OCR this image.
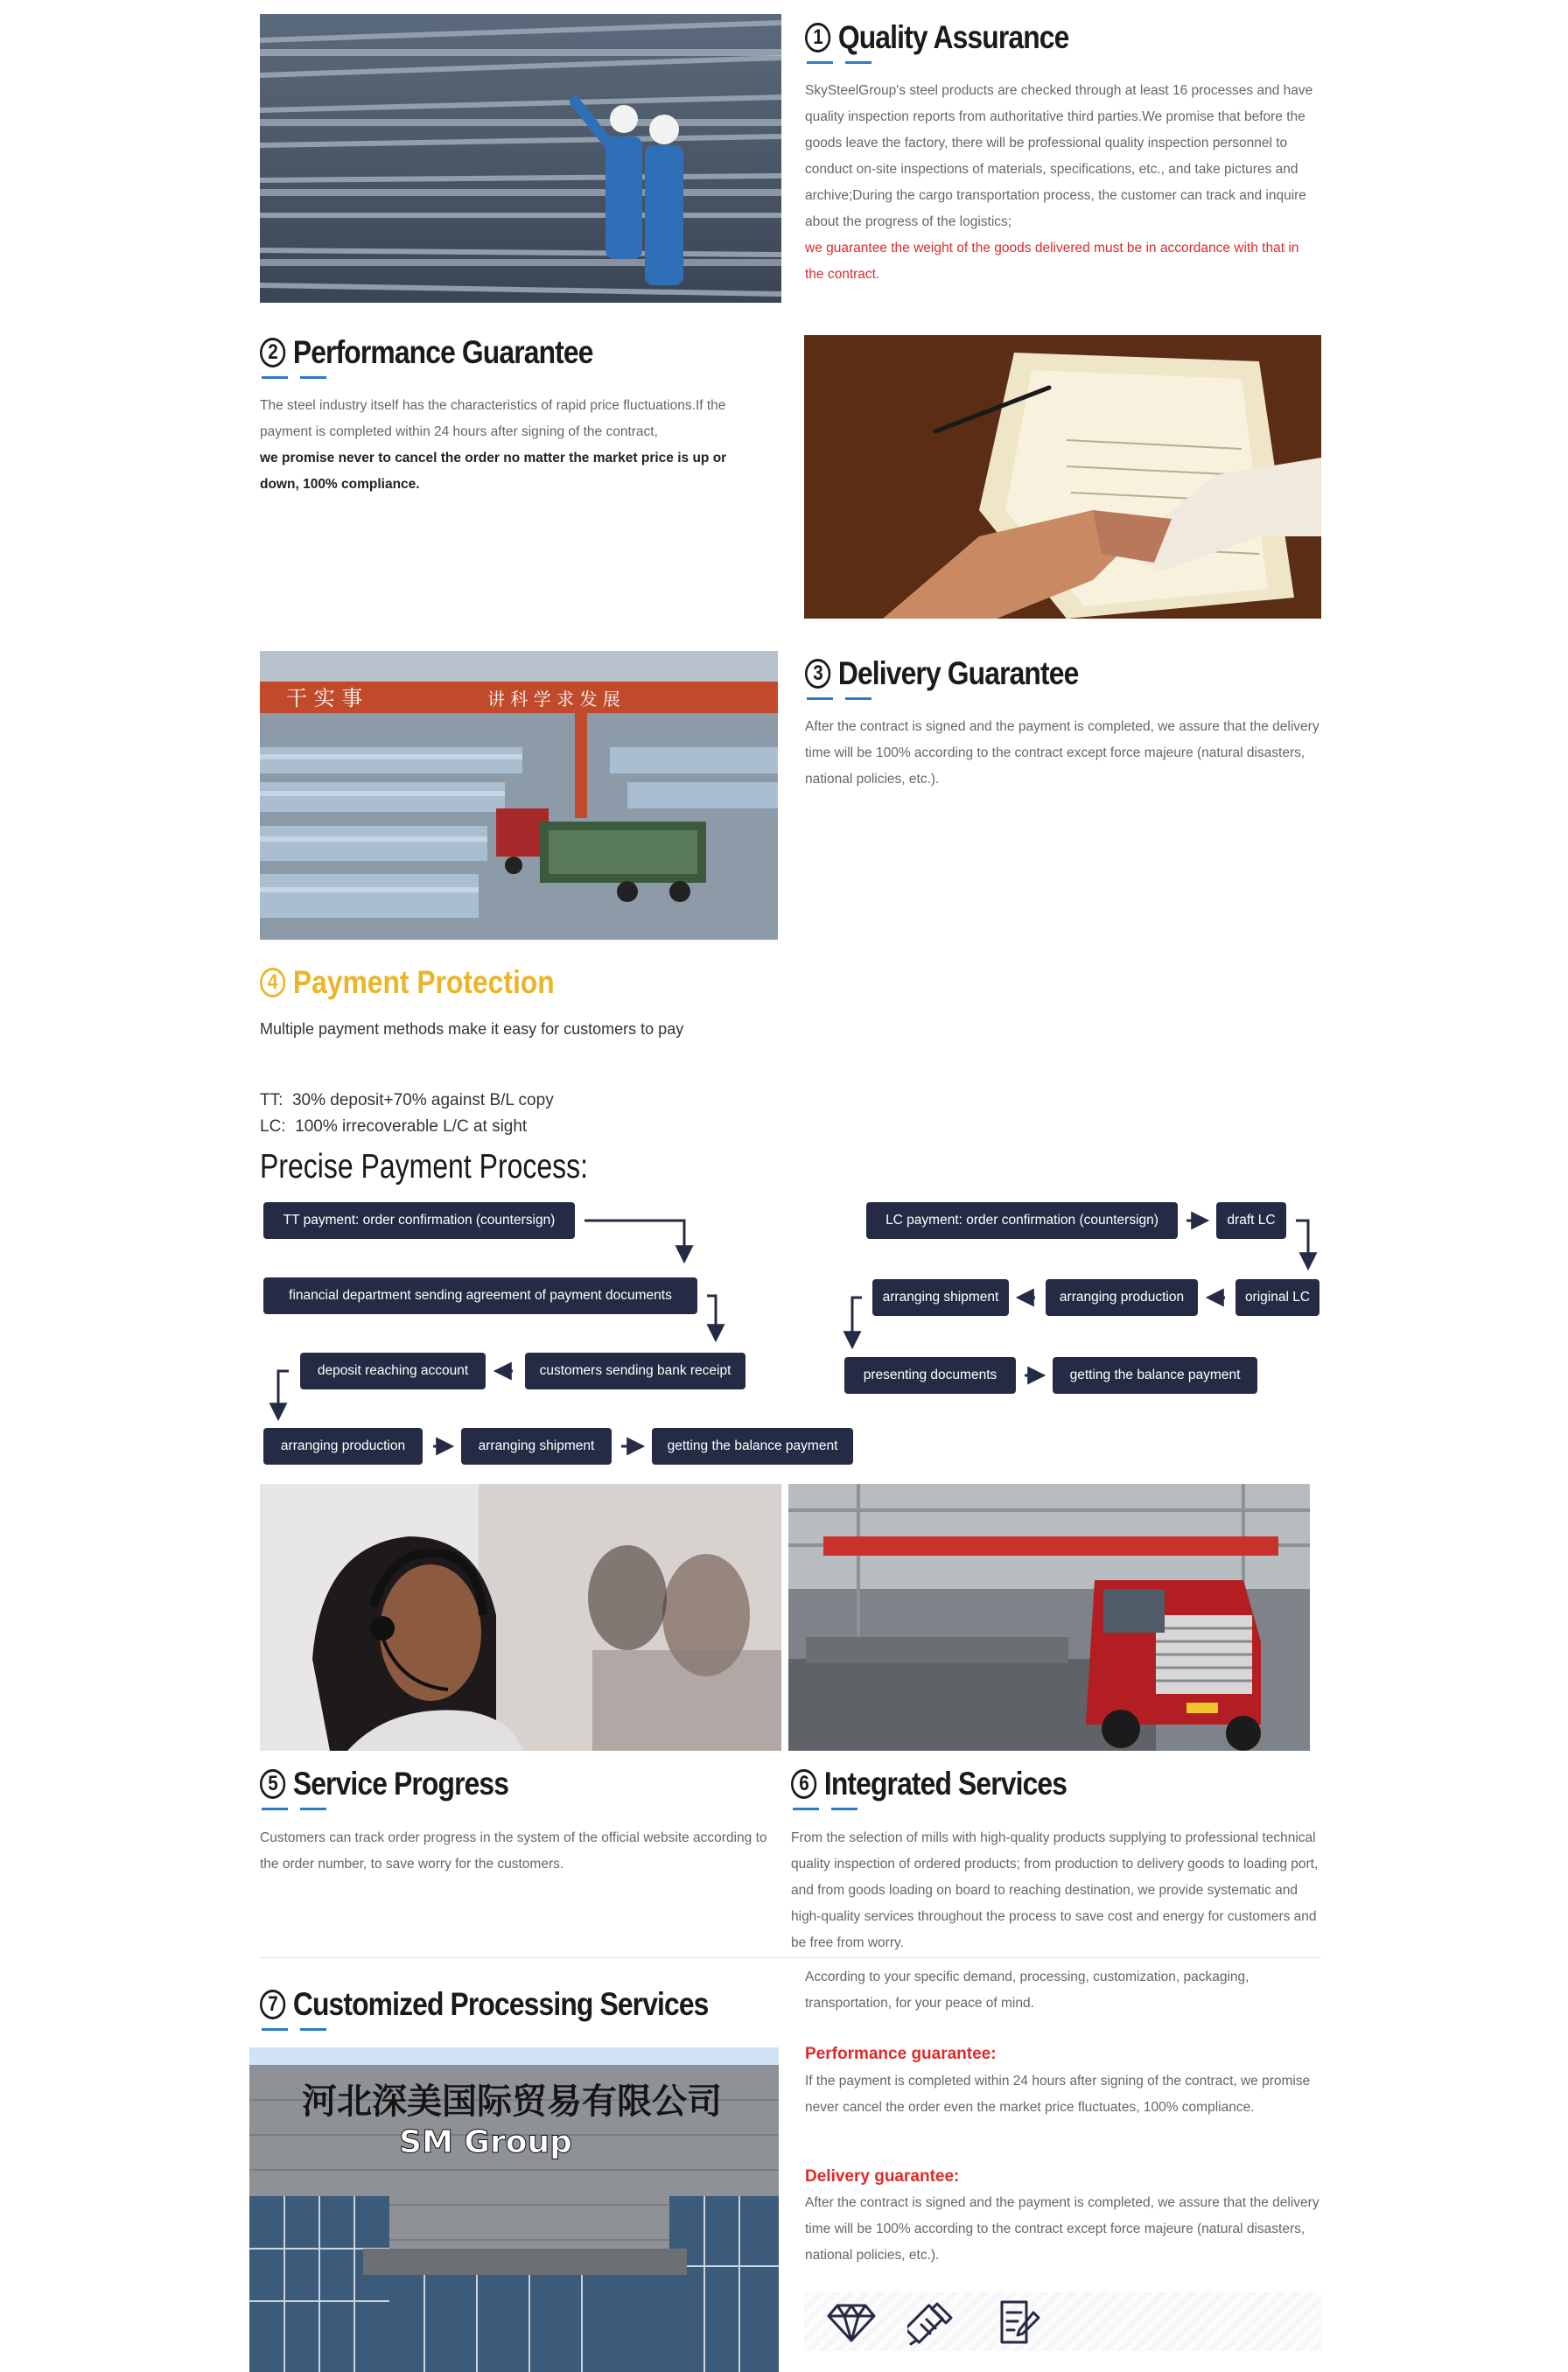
1 Quality Assurance

SkySteelGroup's steel products are checked through at least 16 processes and have quality inspection reports from authoritative third parties.We promise that before the goods leave the factory, there will be professional quality inspection personnel to conduct on-site inspections of materials, specifications, etc., and take pictures and archive;During the cargo transportation process, the customer can track and inquire about the progress of the logistics;

we guarantee the weight of the goods delivered must be in accordance with that in the contract.

2 Performance Guarantee

The steel industry itself has the characteristics of rapid price fluctuations.If the payment is completed within 24 hours after signing of the contract,

we promise never to cancel the order no matter the market price is up or down, 100% compliance.

干 实 事	讲 科 学 求 发 展
3 Delivery Guarantee

After the contract is signed and the payment is completed, we assure that the delivery time will be 100% according to the contract except force majeure (natural disasters, national policies, etc.).

4 Payment Protection
Multiple payment methods make it easy for customers to pay
TT:  30% deposit+70% against B/L copy
LC:  100% irrecoverable L/C at sight
Precise Payment Process:
TT payment: order confirmation (countersign)
financial department sending agreement of payment documents
customers sending bank receipt
deposit reaching account
arranging production	arranging shipment	getting the balance payment
LC payment: order confirmation (countersign)	draft LC
original LC
arranging production
arranging shipment
presenting documents	getting the balance payment
5 Service Progress

Customers can track order progress in the system of the official website according to the order number, to save worry for the customers.

6 Integrated Services

From the selection of mills with high-quality products supplying to professional technical quality inspection of ordered products; from production to delivery goods to loading port, and from goods loading on board to reaching destination, we provide systematic and high-quality services throughout the process to save cost and energy for customers and be free from worry.

7 Customized Processing Services
河北深美国际贸易有限公司
SM Group

According to your specific demand, processing, customization, packaging, transportation, for your peace of mind.

Performance guarantee:

If the payment is completed within 24 hours after signing of the contract, we promise never cancel the order even the market price fluctuates, 100% compliance.

Delivery guarantee:

After the contract is signed and the payment is completed, we assure that the delivery time will be 100% according to the contract except force majeure (natural disasters, national policies, etc.).
